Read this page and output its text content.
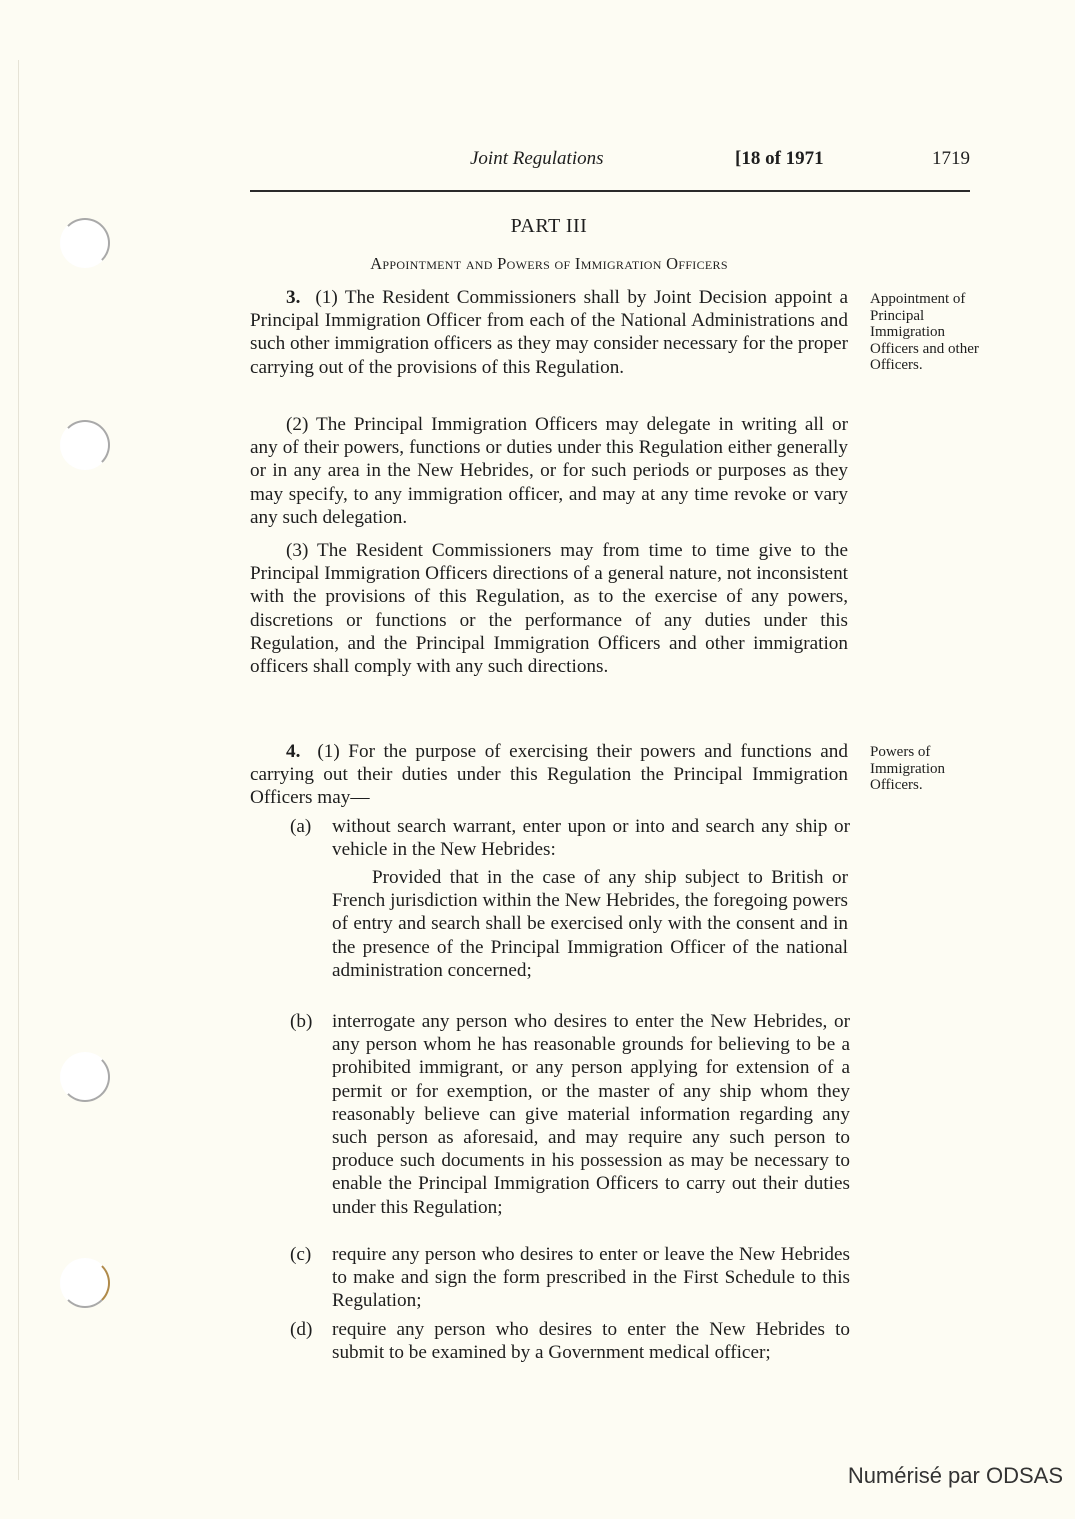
Joint Regulations	[18 of 1971	1719
PART III
Appointment and Powers of Immigration Officers
3. (1) The Resident Commissioners shall by Joint Decision appoint a Principal Immigration Officer from each of the National Administrations and such other immigration officers as they may consider necessary for the proper carrying out of the provisions of this Regulation.
(2) The Principal Immigration Officers may delegate in writing all or any of their powers, functions or duties under this Regulation either generally or in any area in the New Hebrides, or for such periods or purposes as they may specify, to any immigration officer, and may at any time revoke or vary any such delegation.
(3) The Resident Commissioners may from time to time give to the Principal Immigration Officers directions of a general nature, not inconsistent with the provisions of this Regulation, as to the exercise of any powers, discretions or functions or the performance of any duties under this Regulation, and the Principal Immigration Officers and other immigration officers shall comply with any such directions.
Appointment of Principal Immigration Officers and other Officers.
4. (1) For the purpose of exercising their powers and functions and carrying out their duties under this Regulation the Principal Immigration Officers may—
Powers of Immigration Officers.
(a)	without search warrant, enter upon or into and search any ship or vehicle in the New Hebrides:
Provided that in the case of any ship subject to British or French jurisdiction within the New Hebrides, the foregoing powers of entry and search shall be exercised only with the consent and in the presence of the Principal Immigration Officer of the national administration concerned;
(b)	interrogate any person who desires to enter the New Hebrides, or any person whom he has reasonable grounds for believing to be a prohibited immigrant, or any person applying for extension of a permit or for exemption, or the master of any ship whom they reasonably believe can give material information regarding any such person as aforesaid, and may require any such person to produce such documents in his possession as may be necessary to enable the Principal Immigration Officers to carry out their duties under this Regulation;
(c)	require any person who desires to enter or leave the New Hebrides to make and sign the form prescribed in the First Schedule to this Regulation;
(d)	require any person who desires to enter the New Hebrides to submit to be examined by a Government medical officer;
Numérisé par ODSAS
